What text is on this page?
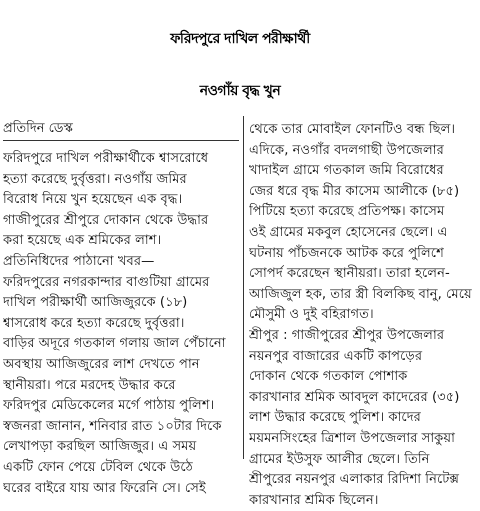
ফরিদপুরে দাখিল পরীক্ষার্থী
নওগাঁয় বৃদ্ধ খুন
প্রতিদিন ডেস্ক
ফরিদপুরে দাখিল পরীক্ষার্থীকে শ্বাসরোধে
হত্যা করেছে দুর্বৃত্তরা। নওগাঁয় জমির
বিরোধ নিয়ে খুন হয়েছেন এক বৃদ্ধ।
গাজীপুরের শ্রীপুরে দোকান থেকে উদ্ধার
করা হয়েছে এক শ্রমিকের লাশ।
প্রতিনিধিদের পাঠানো খবর—
ফরিদপুরের নগরকান্দার বাগুটিয়া গ্রামের
দাখিল পরীক্ষার্থী আজিজুরকে (১৮)
শ্বাসরোধ করে হত্যা করেছে দুর্বৃত্তরা।
বাড়ির অদূরে গতকাল গলায় জাল পেঁচানো
অবস্থায় আজিজুরের লাশ দেখতে পান
স্থানীয়রা। পরে মরদেহ উদ্ধার করে
ফরিদপুর মেডিকেলের মর্গে পাঠায় পুলিশ।
স্বজনরা জানান, শনিবার রাত ১০টার দিকে
লেখাপড়া করছিল আজিজুর। এ সময়
একটি ফোন পেয়ে টেবিল থেকে উঠে
ঘরের বাইরে যায় আর ফিরেনি সে। সেই
থেকে তার মোবাইল ফোনটিও বন্ধ ছিল।
এদিকে, নওগাঁর বদলগাছী উপজেলার
খাদাইল গ্রামে গতকাল জমি বিরোধের
জের ধরে বৃদ্ধ মীর কাসেম আলীকে (৮৫)
পিটিয়ে হত্যা করেছে প্রতিপক্ষ। কাসেম
ওই গ্রামের মকবুল হোসেনের ছেলে। এ
ঘটনায় পাঁচজনকে আটক করে পুলিশে
সোপর্দ করেছেন স্থানীয়রা। তারা হলেন-
আজিজুল হক, তার স্ত্রী বিলকিছ বানু, মেয়ে
মৌসুমী ও দুই বহিরাগত।
শ্রীপুর : গাজীপুরের শ্রীপুর উপজেলার
নয়নপুর বাজারের একটি কাপড়ের
দোকান থেকে গতকাল পোশাক
কারখানার শ্রমিক আবদুল কাদেরের (৩৫)
লাশ উদ্ধার করেছে পুলিশ। কাদের
ময়মনসিংহের ত্রিশাল উপজেলার সাকুয়া
গ্রামের ইউসুফ আলীর ছেলে। তিনি
শ্রীপুরের নয়নপুর এলাকার রিদিশা নিটেক্স
কারখানার শ্রমিক ছিলেন।
